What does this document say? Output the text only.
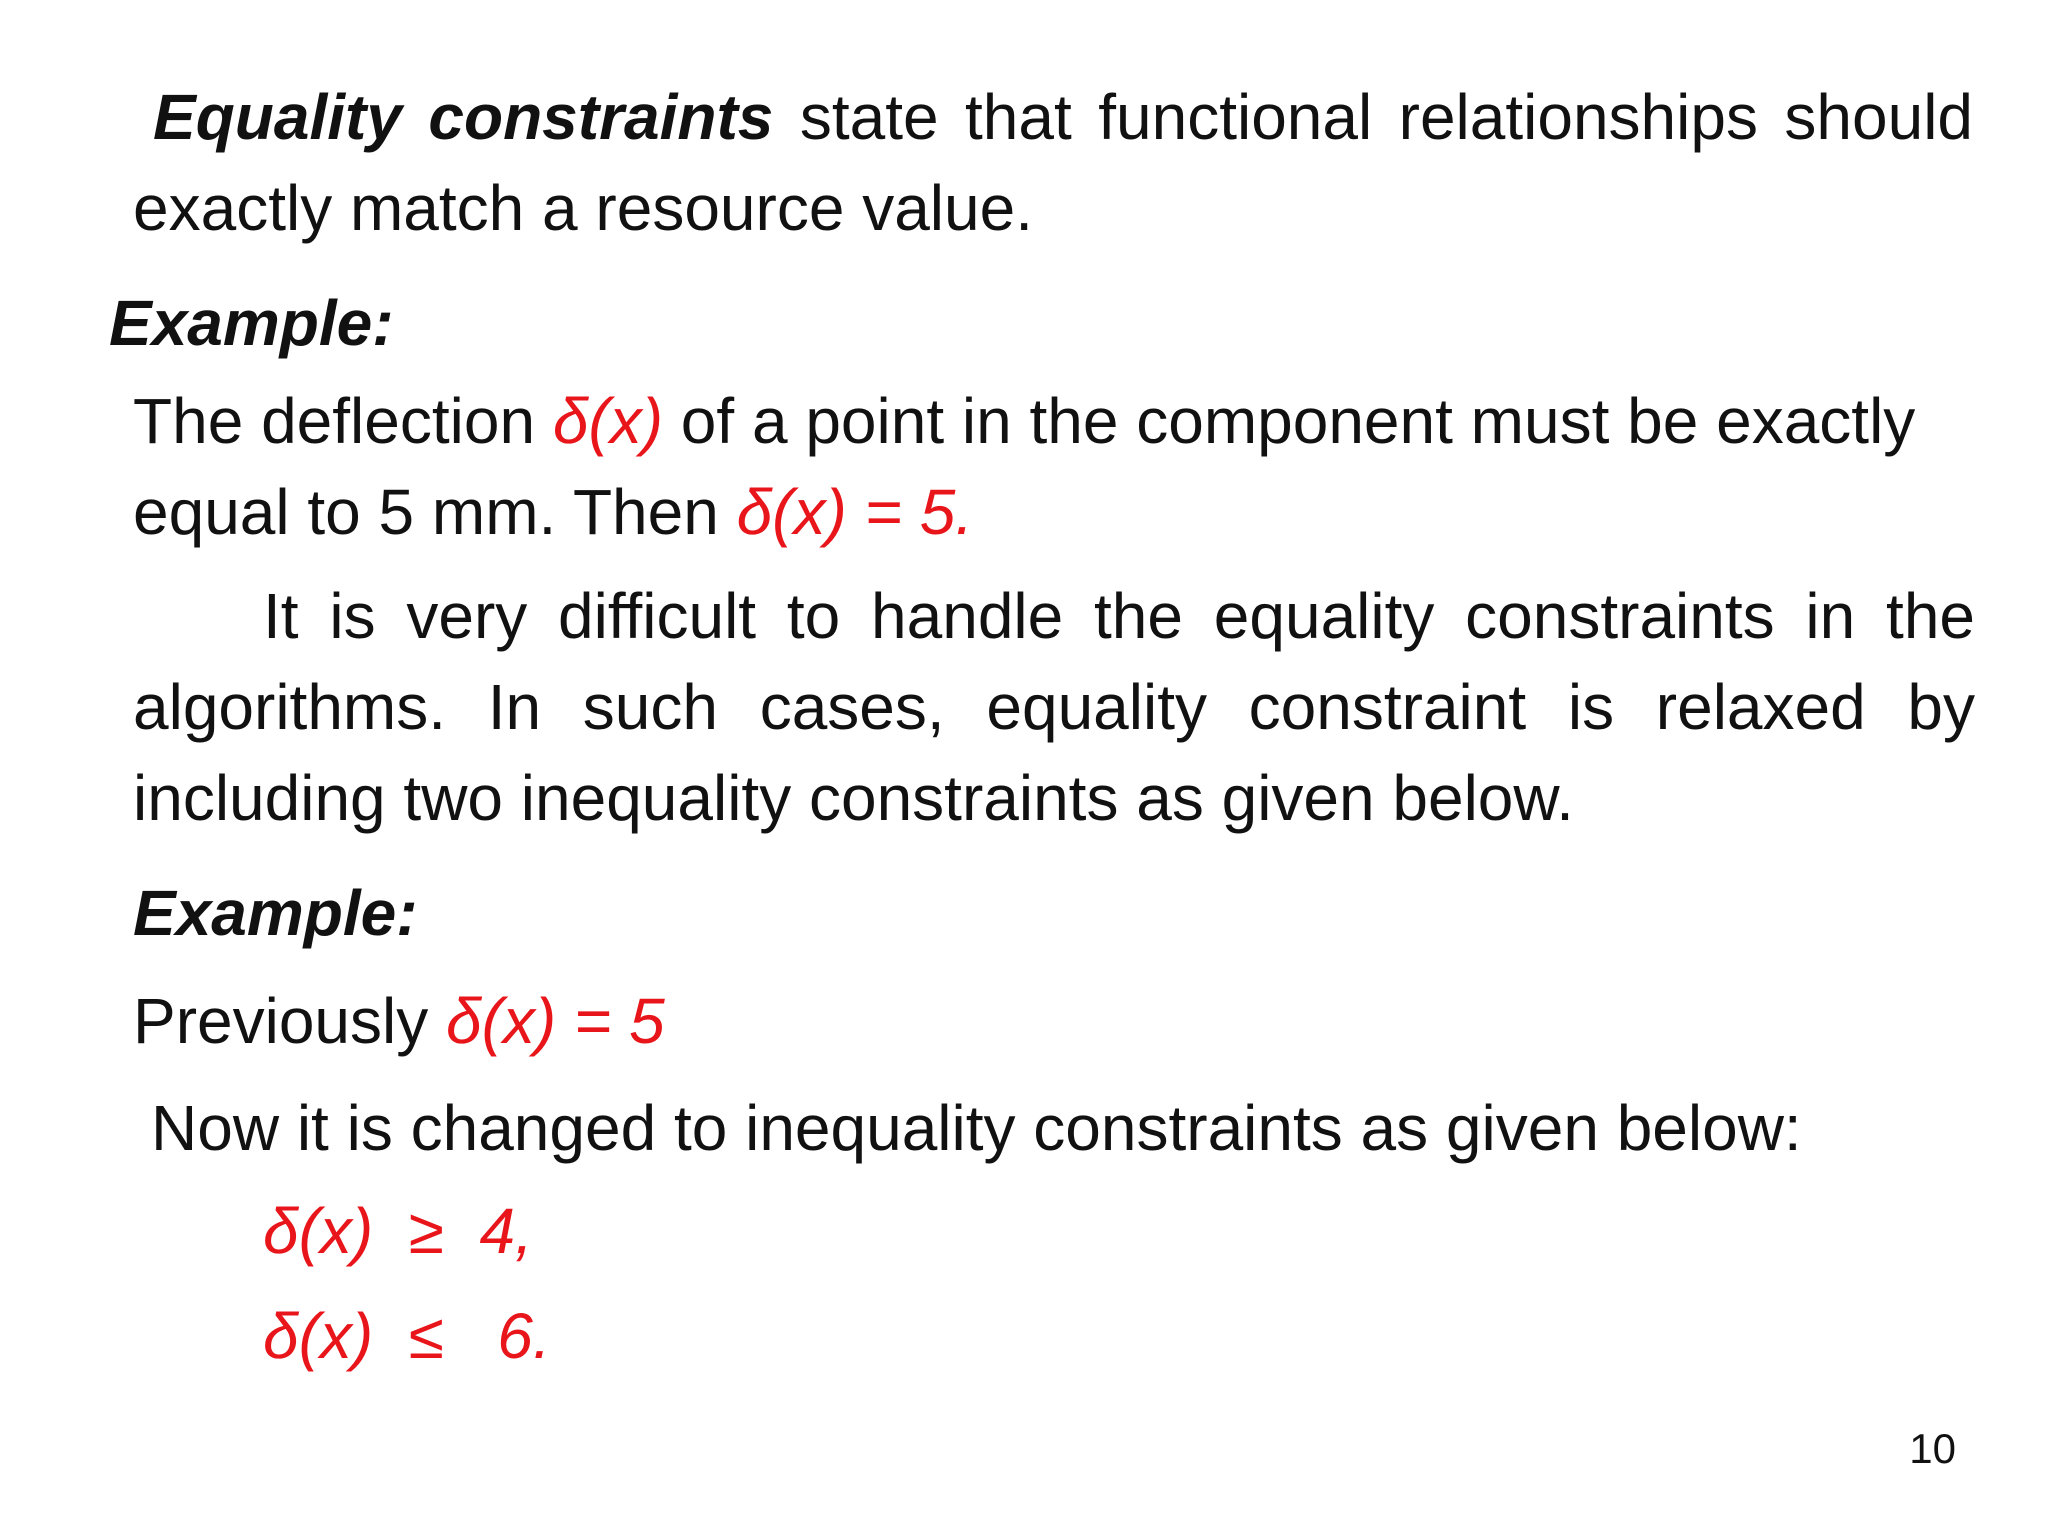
Equality constraints state that functional relationships should
exactly match a resource value.
Example:
The deflection δ(x) of a point in the component must be exactly
equal to 5 mm. Then δ(x) = 5.
It is very difficult to handle the equality constraints in the
algorithms. In such cases, equality constraint is relaxed by
including two inequality constraints as given below.
Example:
Previously δ(x) = 5
Now it is changed to inequality constraints as given below:
δ(x)  ≥  4,
δ(x)  ≤   6.
10
